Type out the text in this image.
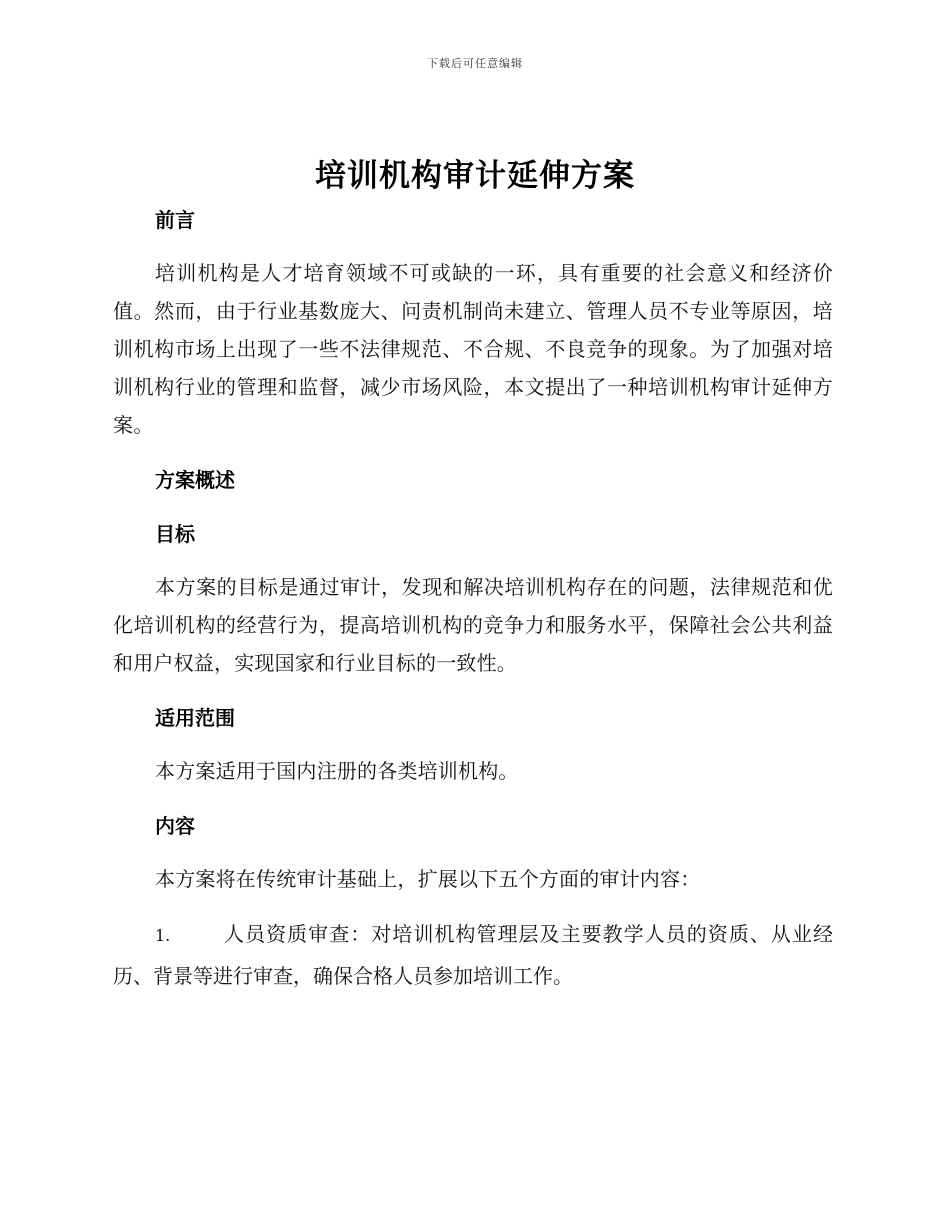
下载后可任意编辑
培训机构审计延伸方案

前言

培训机构是人才培育领域不可或缺的一环，具有重要的社会意义和经济价值。然而，由于行业基数庞大、问责机制尚未建立、管理人员不专业等原因，培训机构市场上出现了一些不法律规范、不合规、不良竞争的现象。为了加强对培训机构行业的管理和监督，减少市场风险，本文提出了一种培训机构审计延伸方案。

方案概述

目标

本方案的目标是通过审计，发现和解决培训机构存在的问题，法律规范和优化培训机构的经营行为，提高培训机构的竞争力和服务水平，保障社会公共利益和用户权益，实现国家和行业目标的一致性。

适用范围

本方案适用于国内注册的各类培训机构。

内容

本方案将在传统审计基础上，扩展以下五个方面的审计内容：

1.	人员资质审查：对培训机构管理层及主要教学人员的资质、从业经历、背景等进行审查，确保合格人员参加培训工作。
